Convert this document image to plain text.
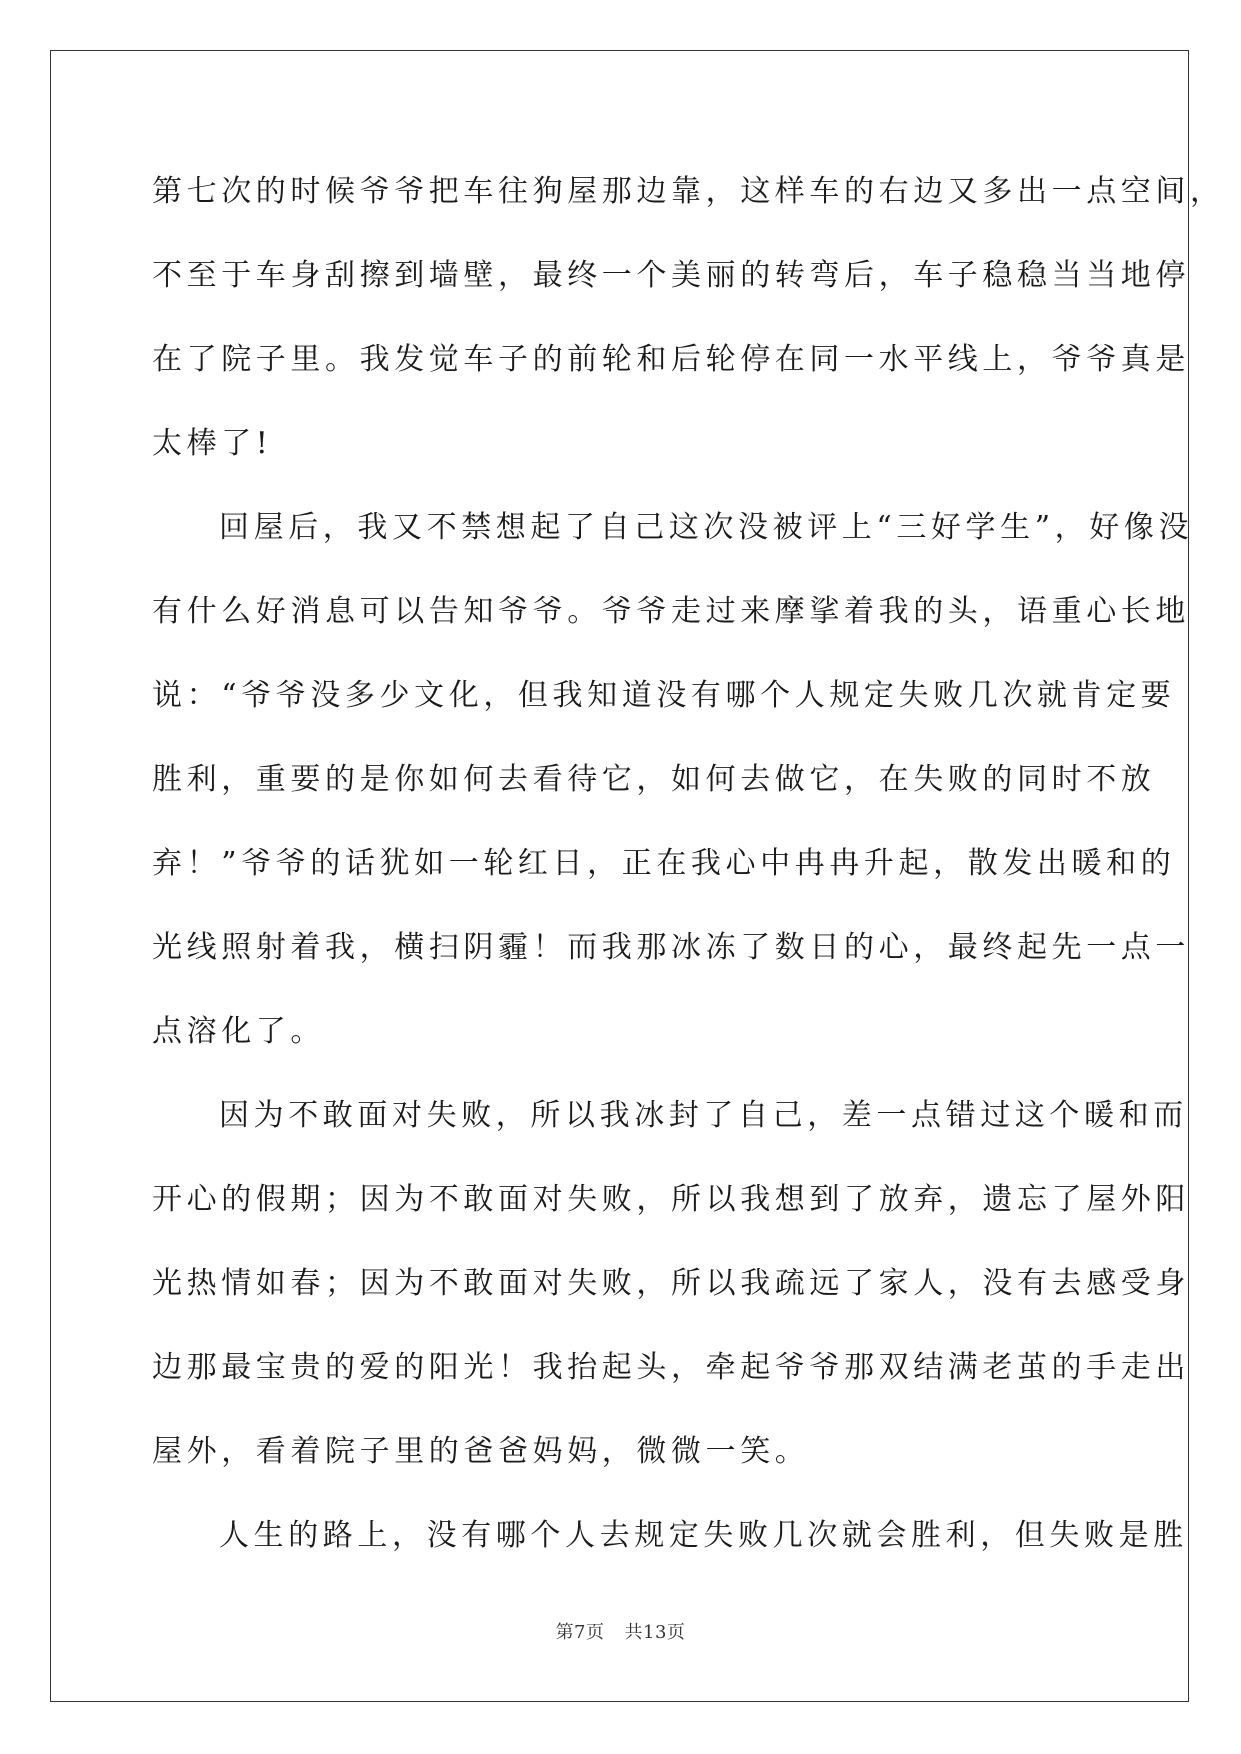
第七次的时候爷爷把车往狗屋那边靠，这样车的右边又多出一点空间，
不至于车身刮擦到墙壁，最终一个美丽的转弯后，车子稳稳当当地停
在了院子里。我发觉车子的前轮和后轮停在同一水平线上，爷爷真是
太棒了!
回屋后，我又不禁想起了自己这次没被评上“三好学生”，好像没
有什么好消息可以告知爷爷。爷爷走过来摩挲着我的头，语重心长地
说：“爷爷没多少文化，但我知道没有哪个人规定失败几次就肯定要
胜利，重要的是你如何去看待它，如何去做它，在失败的同时不放
弃！”爷爷的话犹如一轮红日，正在我心中冉冉升起，散发出暖和的
光线照射着我，横扫阴霾！而我那冰冻了数日的心，最终起先一点一
点溶化了。
因为不敢面对失败，所以我冰封了自己，差一点错过这个暖和而
开心的假期；因为不敢面对失败，所以我想到了放弃，遗忘了屋外阳
光热情如春；因为不敢面对失败，所以我疏远了家人，没有去感受身
边那最宝贵的爱的阳光！我抬起头，牵起爷爷那双结满老茧的手走出
屋外，看着院子里的爸爸妈妈，微微一笑。
人生的路上，没有哪个人去规定失败几次就会胜利，但失败是胜
第7页 共13页
